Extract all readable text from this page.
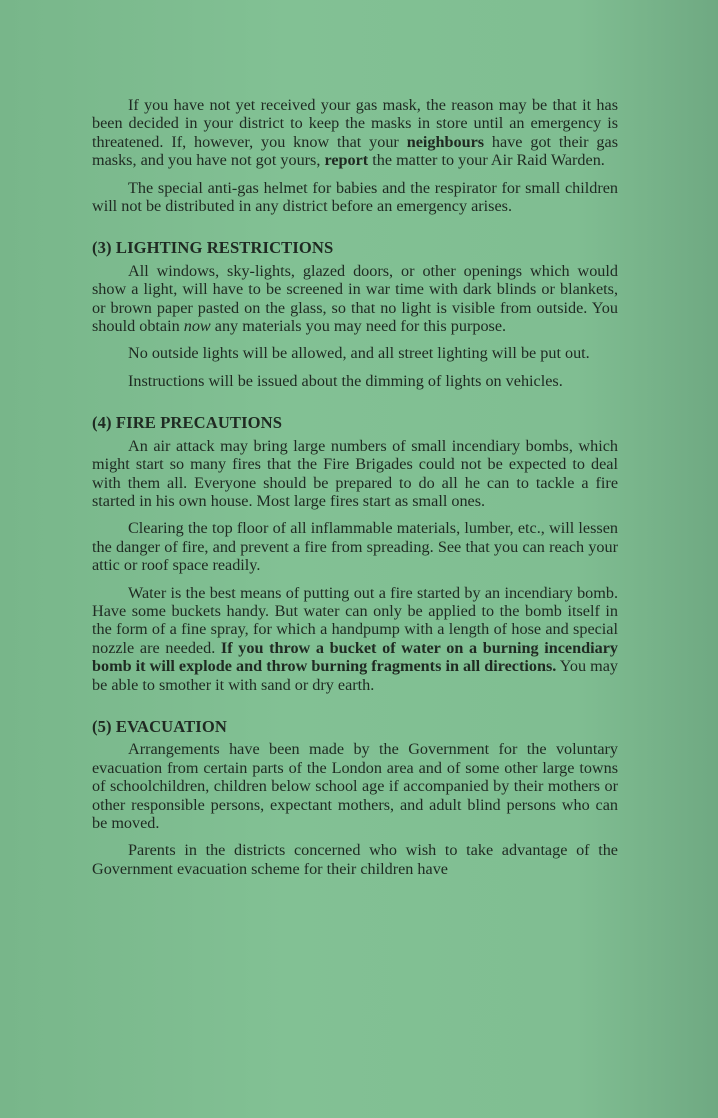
If you have not yet received your gas mask, the reason may be that it has been decided in your district to keep the masks in store until an emergency is threatened. If, however, you know that your neighbours have got their gas masks, and you have not got yours, report the matter to your Air Raid Warden.

The special anti-gas helmet for babies and the respirator for small children will not be distributed in any district before an emergency arises.

(3) LIGHTING RESTRICTIONS

All windows, sky-lights, glazed doors, or other openings which would show a light, will have to be screened in war time with dark blinds or blankets, or brown paper pasted on the glass, so that no light is visible from outside. You should obtain now any materials you may need for this purpose.

No outside lights will be allowed, and all street lighting will be put out.

Instructions will be issued about the dimming of lights on vehicles.

(4) FIRE PRECAUTIONS

An air attack may bring large numbers of small incendiary bombs, which might start so many fires that the Fire Brigades could not be expected to deal with them all. Everyone should be prepared to do all he can to tackle a fire started in his own house. Most large fires start as small ones.

Clearing the top floor of all inflammable materials, lumber, etc., will lessen the danger of fire, and prevent a fire from spreading. See that you can reach your attic or roof space readily.

Water is the best means of putting out a fire started by an incendiary bomb. Have some buckets handy. But water can only be applied to the bomb itself in the form of a fine spray, for which a handpump with a length of hose and special nozzle are needed. If you throw a bucket of water on a burning incendiary bomb it will explode and throw burning fragments in all directions. You may be able to smother it with sand or dry earth.

(5) EVACUATION

Arrangements have been made by the Government for the voluntary evacuation from certain parts of the London area and of some other large towns of schoolchildren, children below school age if accompanied by their mothers or other responsible persons, expectant mothers, and adult blind persons who can be moved.

Parents in the districts concerned who wish to take advantage of the Government evacuation scheme for their children have
